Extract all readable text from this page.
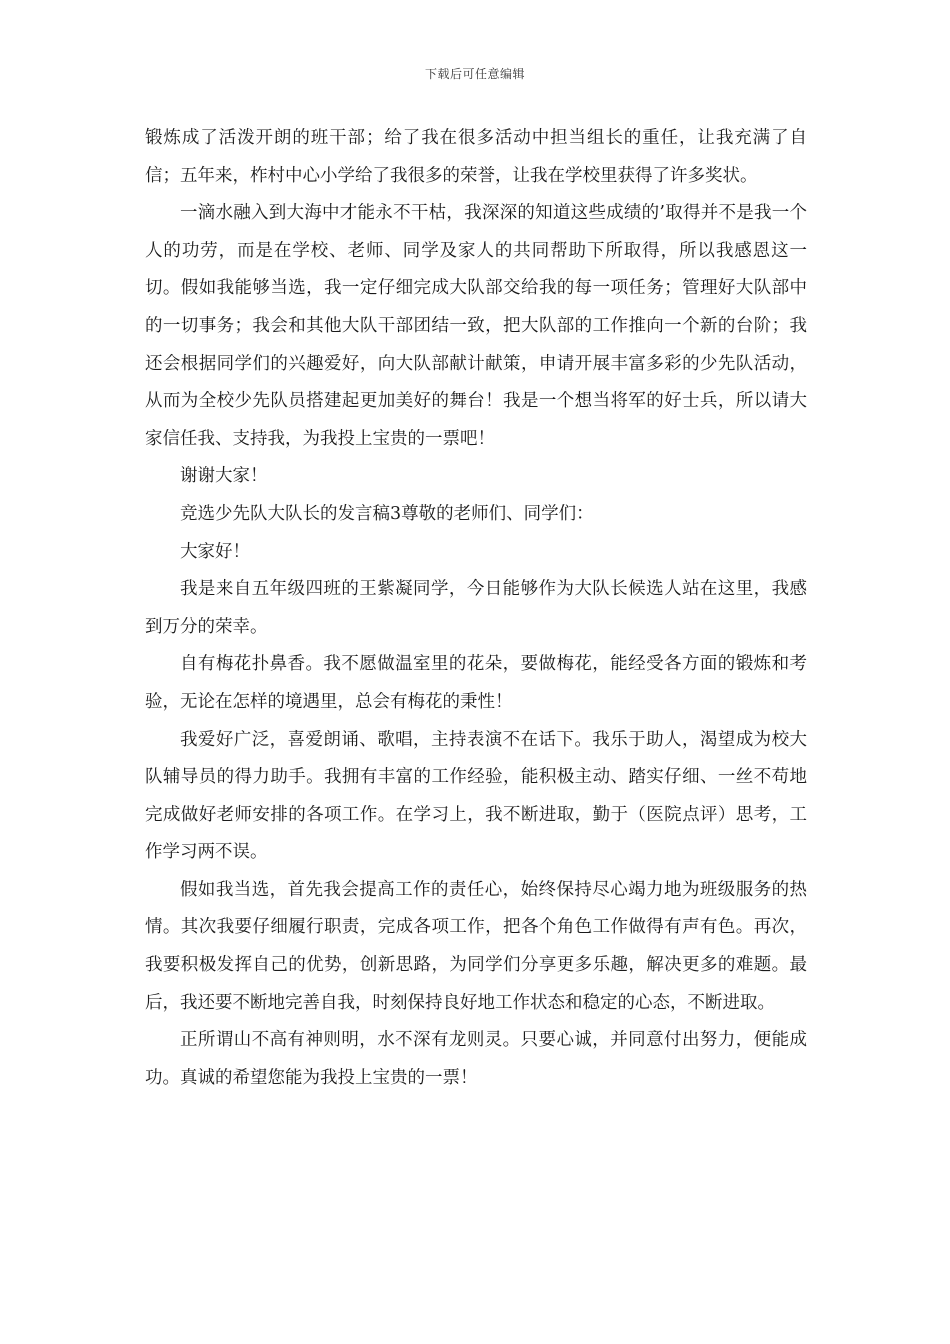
下载后可任意编辑

锻炼成了活泼开朗的班干部；给了我在很多活动中担当组长的重任，让我充满了自信；五年来，柞村中心小学给了我很多的荣誉，让我在学校里获得了许多奖状。

一滴水融入到大海中才能永不干枯，我深深的知道这些成绩的’取得并不是我一个人的功劳，而是在学校、老师、同学及家人的共同帮助下所取得，所以我感恩这一切。假如我能够当选，我一定仔细完成大队部交给我的每一项任务；管理好大队部中的一切事务；我会和其他大队干部团结一致，把大队部的工作推向一个新的台阶；我还会根据同学们的兴趣爱好，向大队部献计献策，申请开展丰富多彩的少先队活动，从而为全校少先队员搭建起更加美好的舞台！我是一个想当将军的好士兵，所以请大家信任我、支持我，为我投上宝贵的一票吧！

谢谢大家！

竞选少先队大队长的发言稿3尊敬的老师们、同学们：

大家好！

我是来自五年级四班的王紫凝同学，今日能够作为大队长候选人站在这里，我感到万分的荣幸。

自有梅花扑鼻香。我不愿做温室里的花朵，要做梅花，能经受各方面的锻炼和考验，无论在怎样的境遇里，总会有梅花的秉性！

我爱好广泛，喜爱朗诵、歌唱，主持表演不在话下。我乐于助人，渴望成为校大队辅导员的得力助手。我拥有丰富的工作经验，能积极主动、踏实仔细、一丝不苟地完成做好老师安排的各项工作。在学习上，我不断进取，勤于（医院点评）思考，工作学习两不误。

假如我当选，首先我会提高工作的责任心，始终保持尽心竭力地为班级服务的热情。其次我要仔细履行职责，完成各项工作，把各个角色工作做得有声有色。再次，我要积极发挥自己的优势，创新思路，为同学们分享更多乐趣，解决更多的难题。最后，我还要不断地完善自我，时刻保持良好地工作状态和稳定的心态，不断进取。

正所谓山不高有神则明，水不深有龙则灵。只要心诚，并同意付出努力，便能成功。真诚的希望您能为我投上宝贵的一票！
